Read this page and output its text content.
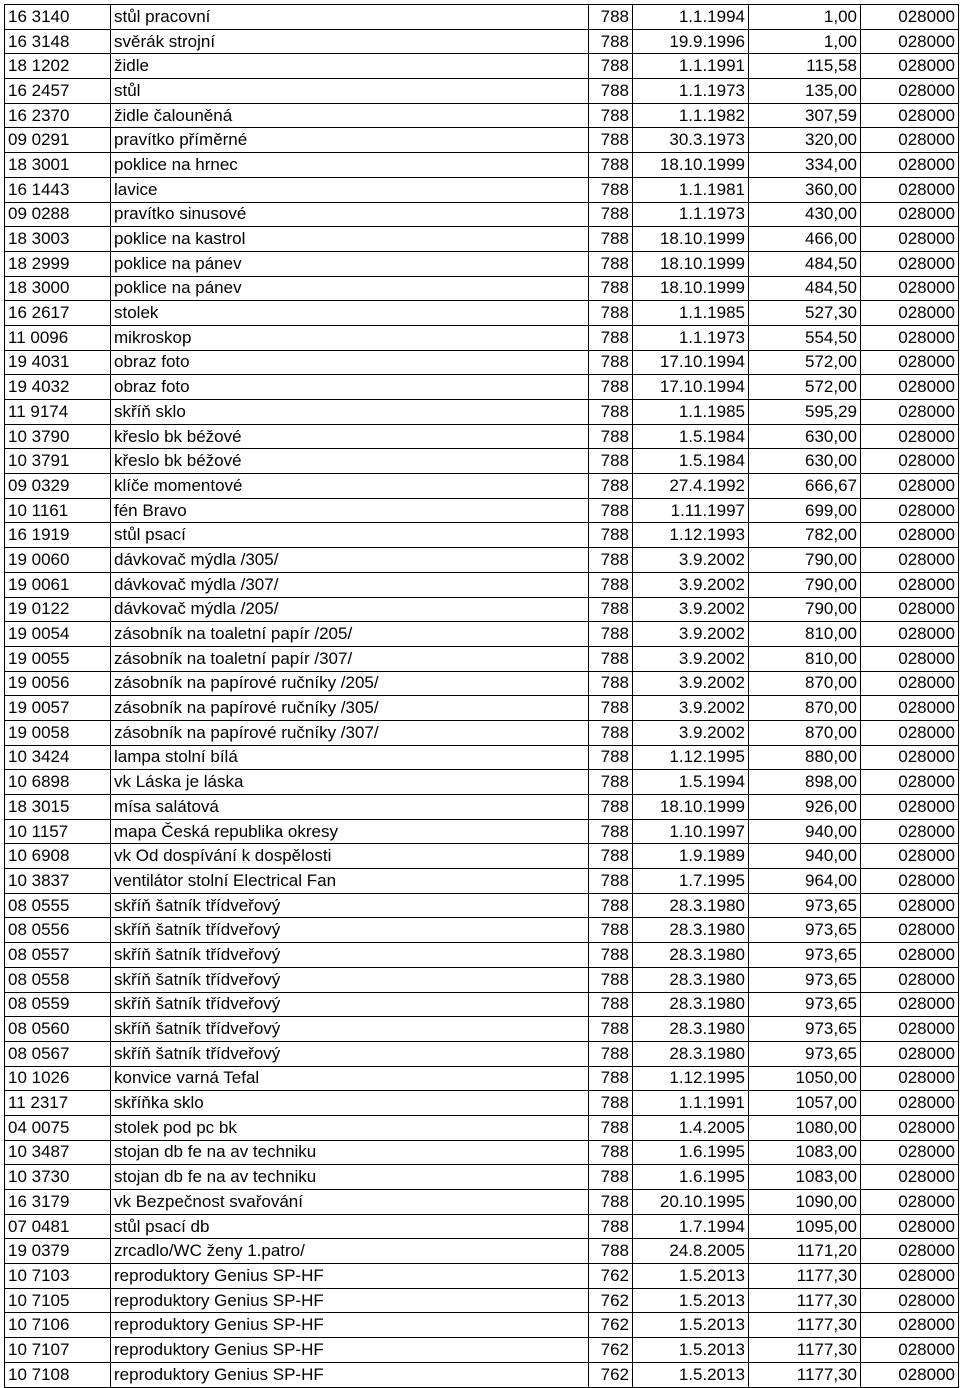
16 3140	stůl pracovní	788	1.1.1994	1,00	028000
16 3148	svěrák strojní	788	19.9.1996	1,00	028000
18 1202	židle	788	1.1.1991	115,58	028000
16 2457	stůl	788	1.1.1973	135,00	028000
16 2370	židle čalouněná	788	1.1.1982	307,59	028000
09 0291	pravítko příměrné	788	30.3.1973	320,00	028000
18 3001	poklice na hrnec	788	18.10.1999	334,00	028000
16 1443	lavice	788	1.1.1981	360,00	028000
09 0288	pravítko sinusové	788	1.1.1973	430,00	028000
18 3003	poklice na kastrol	788	18.10.1999	466,00	028000
18 2999	poklice na pánev	788	18.10.1999	484,50	028000
18 3000	poklice na pánev	788	18.10.1999	484,50	028000
16 2617	stolek	788	1.1.1985	527,30	028000
11 0096	mikroskop	788	1.1.1973	554,50	028000
19 4031	obraz foto	788	17.10.1994	572,00	028000
19 4032	obraz foto	788	17.10.1994	572,00	028000
11 9174	skříň sklo	788	1.1.1985	595,29	028000
10 3790	křeslo bk béžové	788	1.5.1984	630,00	028000
10 3791	křeslo bk béžové	788	1.5.1984	630,00	028000
09 0329	klíče momentové	788	27.4.1992	666,67	028000
10 1161	fén Bravo	788	1.11.1997	699,00	028000
16 1919	stůl psací	788	1.12.1993	782,00	028000
19 0060	dávkovač mýdla /305/	788	3.9.2002	790,00	028000
19 0061	dávkovač mýdla /307/	788	3.9.2002	790,00	028000
19 0122	dávkovač mýdla /205/	788	3.9.2002	790,00	028000
19 0054	zásobník na toaletní papír /205/	788	3.9.2002	810,00	028000
19 0055	zásobník na toaletní papír /307/	788	3.9.2002	810,00	028000
19 0056	zásobník na papírové ručníky /205/	788	3.9.2002	870,00	028000
19 0057	zásobník na papírové ručníky /305/	788	3.9.2002	870,00	028000
19 0058	zásobník na papírové ručníky /307/	788	3.9.2002	870,00	028000
10 3424	lampa stolní bílá	788	1.12.1995	880,00	028000
10 6898	vk Láska je láska	788	1.5.1994	898,00	028000
18 3015	mísa salátová	788	18.10.1999	926,00	028000
10 1157	mapa Česká republika okresy	788	1.10.1997	940,00	028000
10 6908	vk Od dospívání k dospělosti	788	1.9.1989	940,00	028000
10 3837	ventilátor stolní Electrical Fan	788	1.7.1995	964,00	028000
08 0555	skříň šatník třídveřový	788	28.3.1980	973,65	028000
08 0556	skříň šatník třídveřový	788	28.3.1980	973,65	028000
08 0557	skříň šatník třídveřový	788	28.3.1980	973,65	028000
08 0558	skříň šatník třídveřový	788	28.3.1980	973,65	028000
08 0559	skříň šatník třídveřový	788	28.3.1980	973,65	028000
08 0560	skříň šatník třídveřový	788	28.3.1980	973,65	028000
08 0567	skříň šatník třídveřový	788	28.3.1980	973,65	028000
10 1026	konvice varná Tefal	788	1.12.1995	1050,00	028000
11 2317	skříňka sklo	788	1.1.1991	1057,00	028000
04 0075	stolek pod pc bk	788	1.4.2005	1080,00	028000
10 3487	stojan db fe na av techniku	788	1.6.1995	1083,00	028000
10 3730	stojan db fe na av techniku	788	1.6.1995	1083,00	028000
16 3179	vk Bezpečnost svařování	788	20.10.1995	1090,00	028000
07 0481	stůl psací db	788	1.7.1994	1095,00	028000
19 0379	zrcadlo/WC ženy 1.patro/	788	24.8.2005	1171,20	028000
10 7103	reproduktory Genius SP-HF	762	1.5.2013	1177,30	028000
10 7105	reproduktory Genius SP-HF	762	1.5.2013	1177,30	028000
10 7106	reproduktory Genius SP-HF	762	1.5.2013	1177,30	028000
10 7107	reproduktory Genius SP-HF	762	1.5.2013	1177,30	028000
10 7108	reproduktory Genius SP-HF	762	1.5.2013	1177,30	028000
